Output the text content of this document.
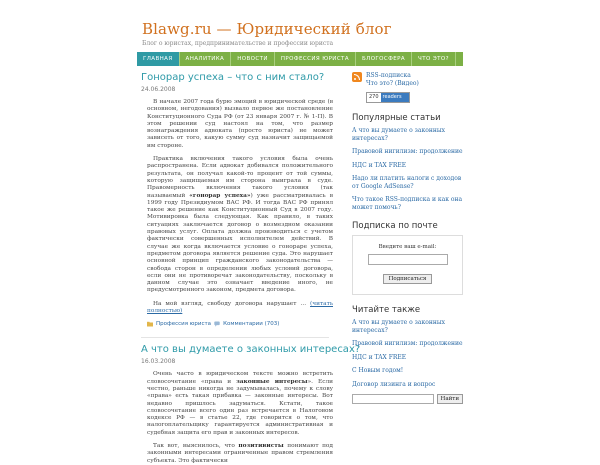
Blawg.ru — Юридический блог
Блог о юристах, предпринимательстве и профессии юриста
ГЛАВНАЯ	АНАЛИТИКА	НОВОСТИ	ПРОФЕССИЯ ЮРИСТА	БЛОГОСФЕРА	ЧТО ЭТО?
Гонорар успеха – что с ним стало?
24.06.2008

В начале 2007 года бурю эмоций в юридической среде (в основном, негодования) вызвало первое же постановление Конституционного Суда РФ (от 23 января 2007 г. № 1-П). В этом решении суд настоял на том, что размер вознаграждения адвоката (просто юриста) не может зависеть от того, какую сумму суд назначит защищаемой им стороне.

Практика включения такого условия была очень распространена. Если адвокат добивался положительного результата, он получал какой-то процент от той суммы, которую защищаемая им сторона выиграла в суде. Правомерность включения такого условия (так называемый «гонорар успеха») уже рассматривалась в 1999 году Президиумом ВАС РФ. И тогда ВАС РФ принял такое же решение как Конституционный Суд в 2007 году. Мотивировка была следующая. Как правило, в таких ситуациях заключается договор о возмездном оказании правовых услуг. Оплата должна производиться с учетом фактически совершенных исполнителем действий. В случае же когда включается условие о гонораре успеха, предметом договора является решение суда. Это нарушает основной принцип гражданского законодательства — свобода сторон в определении любых условий договора, если они не противоречат законодательству, поскольку в данном случае это означает введение иного, не предусмотренного законом, предмета договора.

На мой взгляд, свободу договора нарушает … (читать полностью)

Профессия юриста Комментарии (703)
А что вы думаете о законных интересах?
16.03.2008

Очень часто в юридическом тексте можно встретить словосочетание «права и законные интересы». Если честно, раньше никогда не задумывалась, почему к слову «права» есть такая прибавка — законные интересы. Вот недавно пришлось задуматься. Кстати, такое словосочетание всего один раз встречается в Налоговом кодексе РФ — в статье 22, где говорится о том, что налогоплательщику гарантируется административная и судебная защита его прав и законных интересов.

Так вот, выяснилось, что позитивисты понимают под законными интересами ограниченные правом стремления субъекта. Это фактически

RSS-подписка
Что это? (Видео)
270 readers
Популярные статьи
А что вы думаете о законных интересах?
Правовой нигилизм: продолжение
НДС и TAX FREE
Надо ли платить налоги с доходов от Google AdSense?
Что такое RSS-подписка и как она может помочь?
Подписка по почте
Введите ваш e-mail:
Подписаться
Читайте также
А что вы думаете о законных интересах?
Правовой нигилизм: продолжение
НДС и TAX FREE
С Новым годом!
Договор лизинга и вопрос
Найти
